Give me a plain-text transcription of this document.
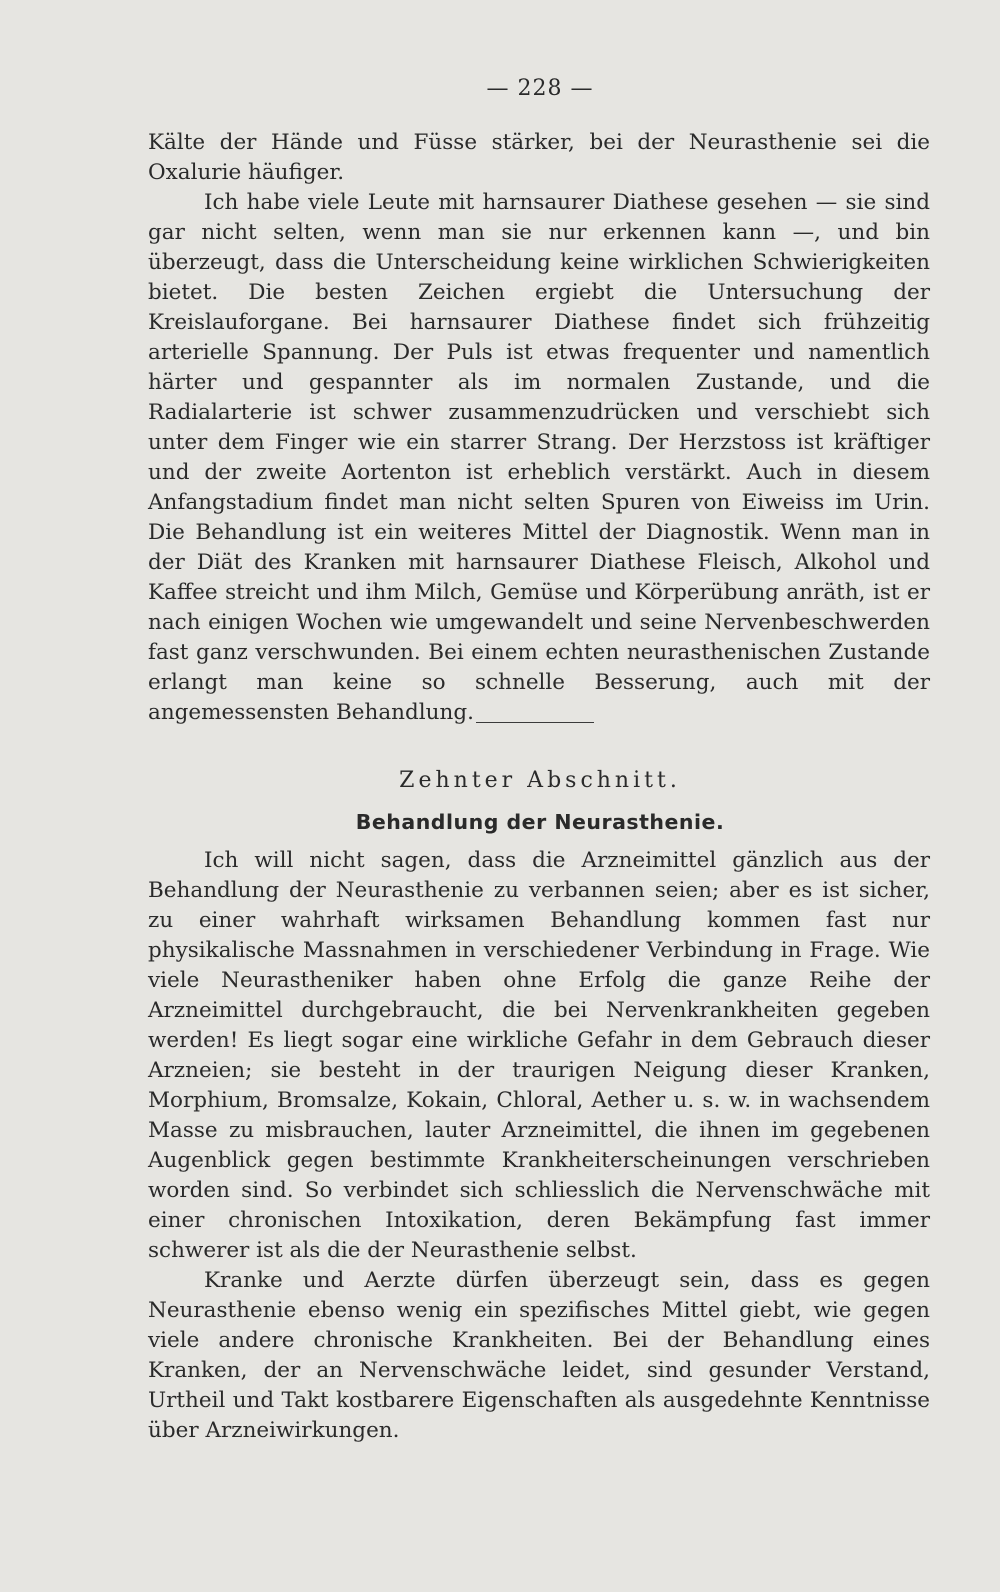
— 228 —

Kälte der Hände und Füsse stärker, bei der Neurasthenie sei die Oxalurie häufiger.

Ich habe viele Leute mit harnsaurer Diathese gesehen — sie sind gar nicht selten, wenn man sie nur erkennen kann —, und bin überzeugt, dass die Unterscheidung keine wirklichen Schwierigkeiten bietet. Die besten Zeichen ergiebt die Untersuchung der Kreislauforgane. Bei harnsaurer Diathese findet sich frühzeitig arterielle Spannung. Der Puls ist etwas frequenter und namentlich härter und gespannter als im normalen Zustande, und die Radialarterie ist schwer zusammenzudrücken und verschiebt sich unter dem Finger wie ein starrer Strang. Der Herzstoss ist kräftiger und der zweite Aortenton ist erheblich verstärkt. Auch in diesem Anfangstadium findet man nicht selten Spuren von Eiweiss im Urin. Die Behandlung ist ein weiteres Mittel der Diagnostik. Wenn man in der Diät des Kranken mit harnsaurer Diathese Fleisch, Alkohol und Kaffee streicht und ihm Milch, Gemüse und Körperübung anräth, ist er nach einigen Wochen wie umgewandelt und seine Nervenbeschwerden fast ganz verschwunden. Bei einem echten neurasthenischen Zustande erlangt man keine so schnelle Besserung, auch mit der angemessensten Behandlung.

Zehnter Abschnitt.
Behandlung der Neurasthenie.

Ich will nicht sagen, dass die Arzneimittel gänzlich aus der Behandlung der Neurasthenie zu verbannen seien; aber es ist sicher, zu einer wahrhaft wirksamen Behandlung kommen fast nur physikalische Massnahmen in verschiedener Verbindung in Frage. Wie viele Neurastheniker haben ohne Erfolg die ganze Reihe der Arzneimittel durchgebraucht, die bei Nervenkrankheiten gegeben werden! Es liegt sogar eine wirkliche Gefahr in dem Gebrauch dieser Arzneien; sie besteht in der traurigen Neigung dieser Kranken, Morphium, Bromsalze, Kokain, Chloral, Aether u. s. w. in wachsendem Masse zu misbrauchen, lauter Arzneimittel, die ihnen im gegebenen Augenblick gegen bestimmte Krankheiterscheinungen verschrieben worden sind. So verbindet sich schliesslich die Nervenschwäche mit einer chronischen Intoxikation, deren Bekämpfung fast immer schwerer ist als die der Neurasthenie selbst.

Kranke und Aerzte dürfen überzeugt sein, dass es gegen Neurasthenie ebenso wenig ein spezifisches Mittel giebt, wie gegen viele andere chronische Krankheiten. Bei der Behandlung eines Kranken, der an Nervenschwäche leidet, sind gesunder Verstand, Urtheil und Takt kostbarere Eigenschaften als ausgedehnte Kenntnisse über Arzneiwirkungen.
